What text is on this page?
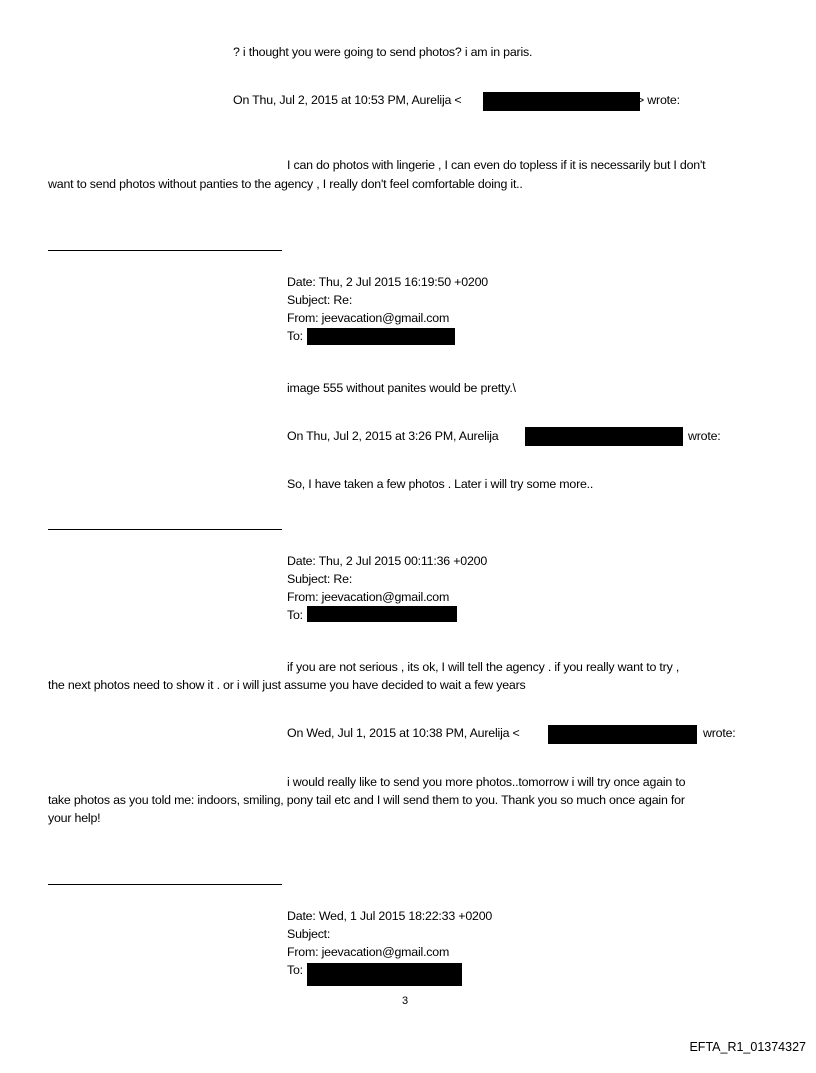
? i thought you were going to send photos? i am in paris.
On Thu, Jul 2, 2015 at 10:53 PM, Aurelija <	> wrote:
I can do photos with lingerie , I can even do topless if it is necessarily but I don't
want to send photos without panties to the agency , I really don't feel comfortable doing it..
Date: Thu, 2 Jul 2015 16:19:50 +0200
Subject: Re:
From: jeevacation@gmail.com
To:
image 555 without panites would be pretty.\
On Thu, Jul 2, 2015 at 3:26 PM, Aurelija	wrote:
So, I have taken a few photos . Later i will try some more..
Date: Thu, 2 Jul 2015 00:11:36 +0200
Subject: Re:
From: jeevacation@gmail.com
To:
if you are not serious , its ok, I will tell the agency . if you really want to try ,
the next photos need to show it . or i will just assume you have decided to wait a few years
On Wed, Jul 1, 2015 at 10:38 PM, Aurelija <	wrote:
i would really like to send you more photos..tomorrow i will try once again to
take photos as you told me: indoors, smiling, pony tail etc and I will send them to you. Thank you so much once again for
your help!
Date: Wed, 1 Jul 2015 18:22:33 +0200
Subject:
From: jeevacation@gmail.com
To:
3
EFTA_R1_01374327
